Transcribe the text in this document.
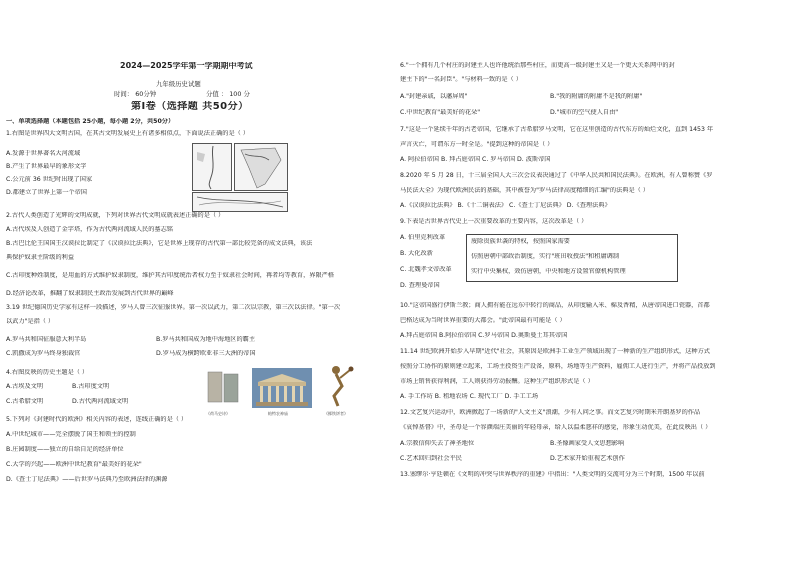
2024—2025学年第一学期期中考试
九年级历史试题
时间： 60分钟	分值 ： 100 分
第Ⅰ卷（选择题 共50分）
一、单项选择题（本题包括 25小题，每小题 2分，共50分）
1.右图是世界四大文明古国，在其古文明发展史上有诸多相似点，下面说法正确的是（ ）
A.发源于世界著名大河流域
B.产生了世界最早的象形文字
C.公元前 36 世纪时出现了国家
D.都建立了世界上第一个帝国
2.古代人类创造了光辉的文明成就，下列对世界古代文明成就表述正确的是（ ）
A.古代埃及人创造了金字塔，作为古代两河流域人民的墓志铭
B.古巴比伦王国国王汉谟拉比制定了《汉谟拉比法典》，它是世界上现存的古代第一部比较完备的成文法典，该法
典保护奴隶主阶级的利益
C.古印度种姓制度，是用血的方式维护奴隶制度，维护其古印度统治者权力至于奴隶社会时间，再者均等教育，界限严格
D.经济论改革，推翻了奴隶制民主政治发展到古代世界的巅峰
3.19 世纪德国历史学家有这样一段描述，罗马人曾三次征服世界。第一次以武力，第二次以宗教，第三次以法律。"第一次
以武力"是指（ ）
A.罗马共和国征服意大利半岛	B.罗马共和国成为地中海地区的霸主
C.凯撒成为罗马终身独裁官	D.罗马成为横跨欧亚非三大洲的帝国
4.右图反映的历史主题是（ ）
A.古埃及文明	B.古印度文明
C.古希腊文明	D.古代两河流域文明
《荷马史诗》	帕特农神庙	《掷铁饼者》
5.下列对《封建时代的欧洲》相关内容的表述，连线正确的是（ ）
A.中世纪城市——完全摆脱了国王和领主的控制
B.庄园制度——独立的自给自足的经济单位
C.大学的兴起——欧洲中世纪教育"最美好的花朵"
D.《查士丁尼法典》——后世罗马法典乃至欧洲法律的渊源
6."一个拥有几个村庄的封建主人也许他统治那些村庄，而更高一级封建主又是一个更大关系网中的封
建主下的"一名封臣"。"与材料一致的是（ ）
A."封建亲戚，以藩屏周"	B."我的附庸的附庸不是我的附庸"
C.中世纪教育"最美好的花朵"	D."城市的空气使人自由"
7."这是一个延续千年的古老帝国，它继承了古希腊罗马文明，它在这里创造的古代东方的灿烂文化，直到 1453 年
声言灭亡，可谓东方一时全是。"提到这种的帝国是（ ）
A. 阿拉伯帝国 B. 拜占庭帝国 C. 罗马帝国 D. 波斯帝国
8.2020 年 5 月 28 日，十三届全国人大三次会议表决通过了《中华人民共和国民法典》。在欧洲，有人曾称赞《罗
马民法大全》为现代欧洲民法的基础，其中被誉为"罗马法律高度精细的汇编"的法典是（ ）
A.《汉谟拉比法典》 B.《十二铜表法》 C.《查士丁尼法典》 D.《查理法典》
9.下表是古世界古代史上一次重要改革的主要内容，这次改革是（ ）
A. 伯里克利改革
B. 大化改新
C. 北魏孝文帝改革
D. 查理曼帝国
废除贵族世袭的特权，按照国家需要
仿照唐朝中部政治制度，实行"班田收授法"和租庸调制
实行中央集权，效仿唐朝，中央和地方设置官僚机构管理
10."这帝国盛行伊斯兰教；商人拥有能在远东中转行的商品，从印度输入米、棉及香精，从唐帝国进口瓷器，首都
巴格达成为当时世界重要的大都会。"此帝国最有可能是（ ）
A.拜占庭帝国 B.阿拉伯帝国 C.罗马帝国 D.奥斯曼土耳其帝国
11.14 世纪欧洲开始步入早期"近代"社会，其原因是欧洲手工业生产领域出现了一种新的生产组织形式，这种方式
按照分工协作的原则建立起来，工场主投资生产设备，原料，场地等生产资料，雇佣工人进行生产，并将产品投放到
市场上销售获得利润，工人则获得劳动报酬。这种生产组织形式是（ ）
A. 手工作坊 B. 租地农场 C. 现代工厂 D. 手工工场
12.文艺复兴运动中，欧洲掀起了一场新的"人文主义"浪潮，少有人问之事。而文艺复兴时期米开朗基罗的作品
《哀悼基督》中，圣母是一个容颜端庄美丽的年轻母亲，给人以温柔慈祥的感觉，形象生动优美，在此反映出（ ）
A.宗教信仰失去了神圣地位	B.圣像画家受人文思想影响
C.艺术回归到社会平民	D.艺术家开始重视艺术创作
13.塞缪尔·亨廷顿在《文明的冲突与世界秩序的重建》中指出："人类文明的交流可分为三个时期，1500 年以前
